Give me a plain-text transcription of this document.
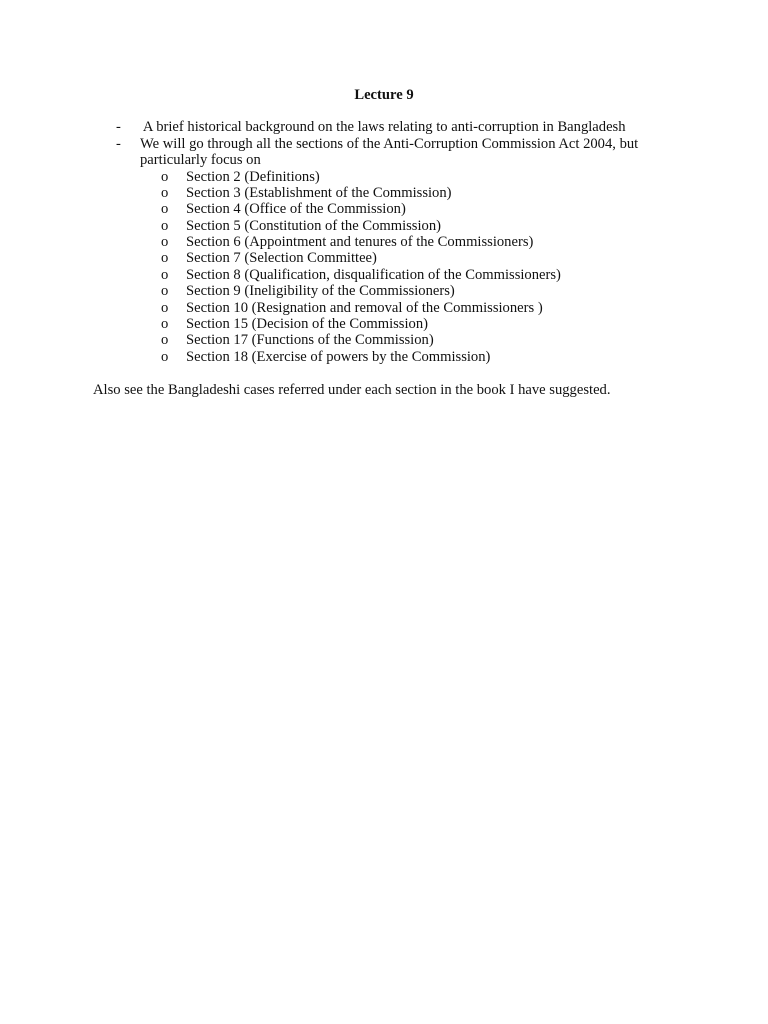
Lecture 9
- A brief historical background on the laws relating to anti-corruption in Bangladesh
- We will go through all the sections of the Anti-Corruption Commission Act 2004, but particularly focus on
o Section 2 (Definitions)
o Section 3 (Establishment of the Commission)
o Section 4 (Office of the Commission)
o Section 5 (Constitution of the Commission)
o Section 6 (Appointment and tenures of the Commissioners)
o Section 7 (Selection Committee)
o Section 8 (Qualification, disqualification of the Commissioners)
o Section 9 (Ineligibility of the Commissioners)
o Section 10 (Resignation and removal of the Commissioners )
o Section 15 (Decision of the Commission)
o Section 17 (Functions of the Commission)
o Section 18 (Exercise of powers by the Commission)
Also see the Bangladeshi cases referred under each section in the book I have suggested.
